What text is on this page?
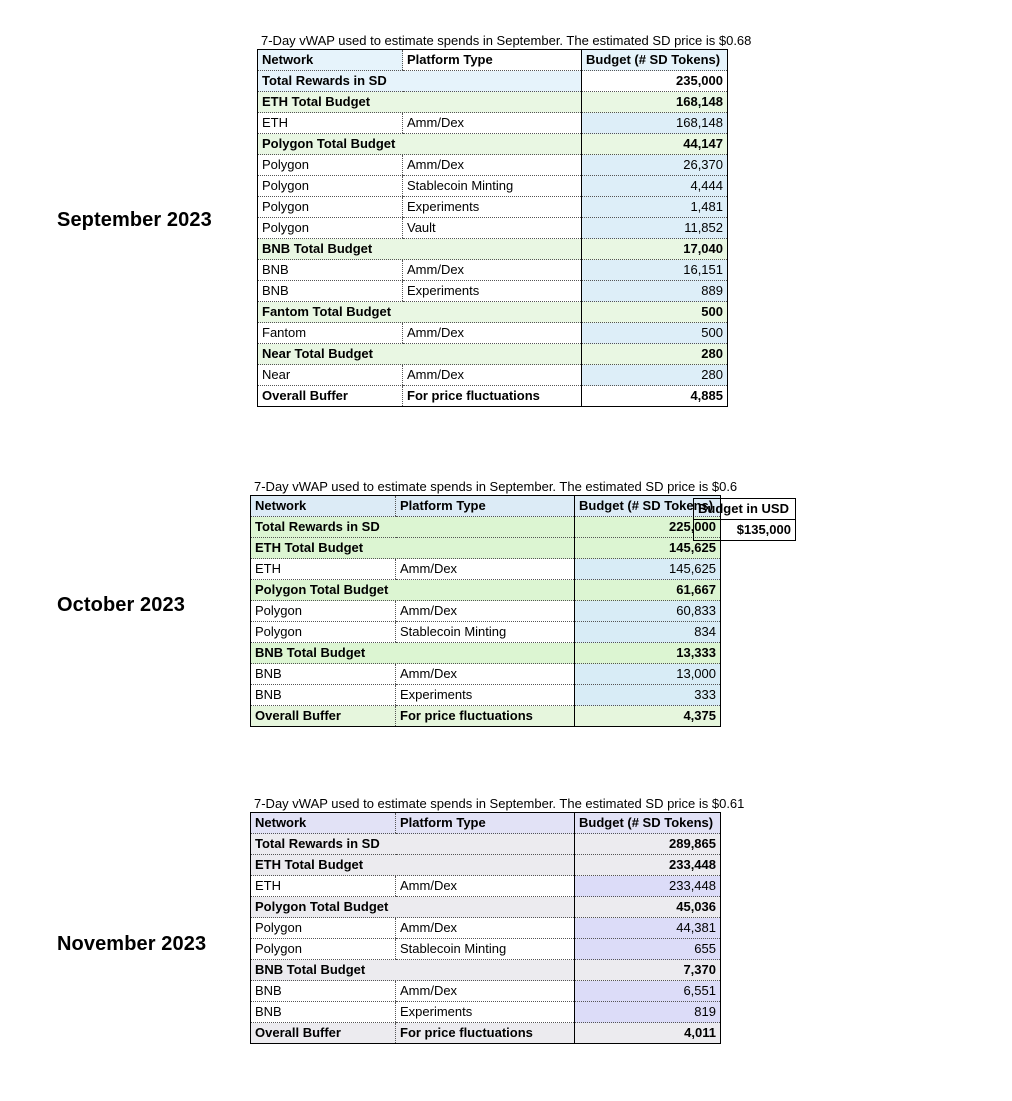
September 2023
7-Day vWAP used to estimate spends in September. The estimated SD price is $0.68
Network	Platform Type	Budget (# SD Tokens)
Total Rewards in SD		235,000
ETH Total Budget		168,148
ETH	Amm/Dex	168,148
Polygon Total Budget		44,147
Polygon	Amm/Dex	26,370
Polygon	Stablecoin Minting	4,444
Polygon	Experiments	1,481
Polygon	Vault	11,852
BNB Total Budget		17,040
BNB	Amm/Dex	16,151
BNB	Experiments	889
Fantom Total Budget		500
Fantom	Amm/Dex	500
Near Total Budget		280
Near	Amm/Dex	280
Overall Buffer	For price fluctuations	4,885
October 2023
7-Day vWAP used to estimate spends in September. The estimated SD price is $0.6
Network	Platform Type	Budget (# SD Tokens)
Total Rewards in SD		225,000
ETH Total Budget		145,625
ETH	Amm/Dex	145,625
Polygon Total Budget		61,667
Polygon	Amm/Dex	60,833
Polygon	Stablecoin Minting	834
BNB Total Budget		13,333
BNB	Amm/Dex	13,000
BNB	Experiments	333
Overall Buffer	For price fluctuations	4,375
Budget in USD
$135,000
November 2023
7-Day vWAP used to estimate spends in September. The estimated SD price is $0.61
Network	Platform Type	Budget (# SD Tokens)
Total Rewards in SD		289,865
ETH Total Budget		233,448
ETH	Amm/Dex	233,448
Polygon Total Budget		45,036
Polygon	Amm/Dex	44,381
Polygon	Stablecoin Minting	655
BNB Total Budget		7,370
BNB	Amm/Dex	6,551
BNB	Experiments	819
Overall Buffer	For price fluctuations	4,011
